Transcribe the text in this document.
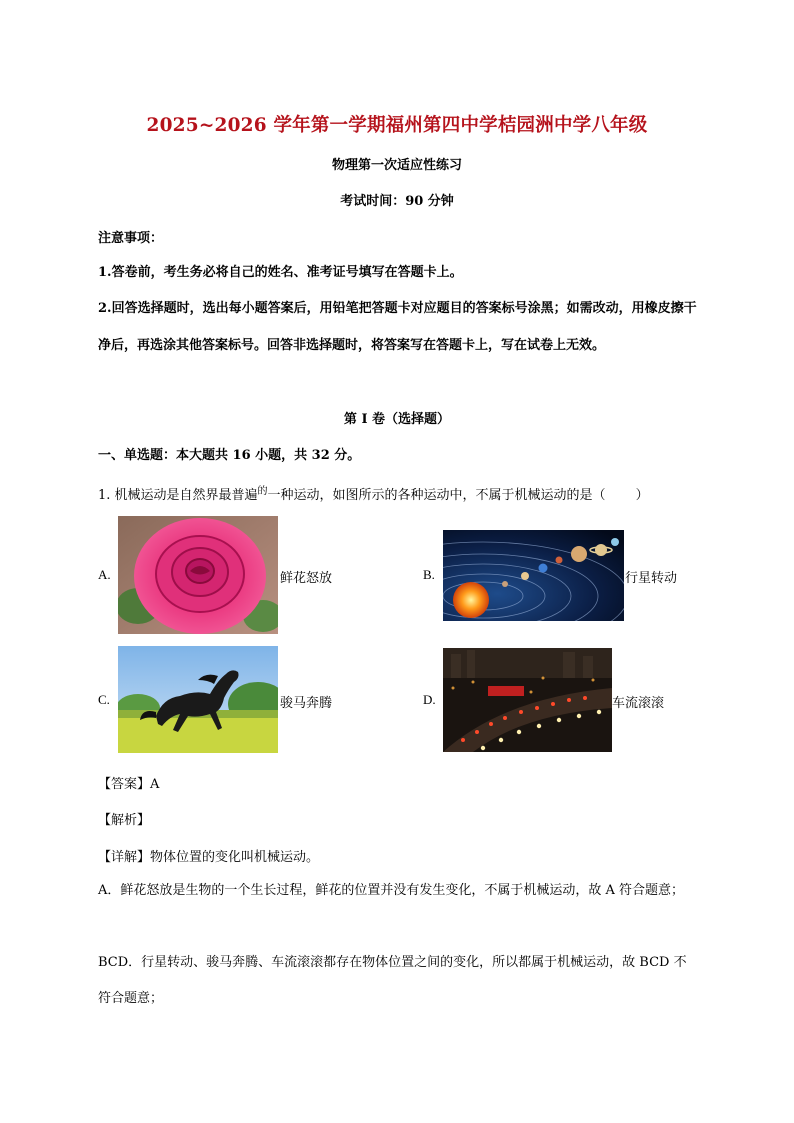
2025~2026 学年第一学期福州第四中学桔园洲中学八年级
物理第一次适应性练习
考试时间：90 分钟
注意事项：
1.答卷前，考生务必将自己的姓名、准考证号填写在答题卡上。
2.回答选择题时，选出每小题答案后，用铅笔把答题卡对应题目的答案标号涂黑；如需改动，用橡皮擦干净后，再选涂其他答案标号。回答非选择题时，将答案写在答题卡上，写在试卷上无效。
第 I 卷（选择题）
一、单选题：本大题共 16 小题，共 32 分。
1. 机械运动是自然界最普遍$^的$一种运动，如图所示的各种运动中，不属于机械运动的是（ ）
A.	鲜花怒放	B.	行星转动
C.	骏马奔腾	D.	车流滚滚
【答案】A
【解析】
【详解】物体位置的变化叫机械运动。
A．鲜花怒放是生物的一个生长过程，鲜花的位置并没有发生变化，不属于机械运动，故 A 符合题意；
BCD．行星转动、骏马奔腾、车流滚滚都存在物体位置之间的变化，所以都属于机械运动，故 BCD 不符合题意；
